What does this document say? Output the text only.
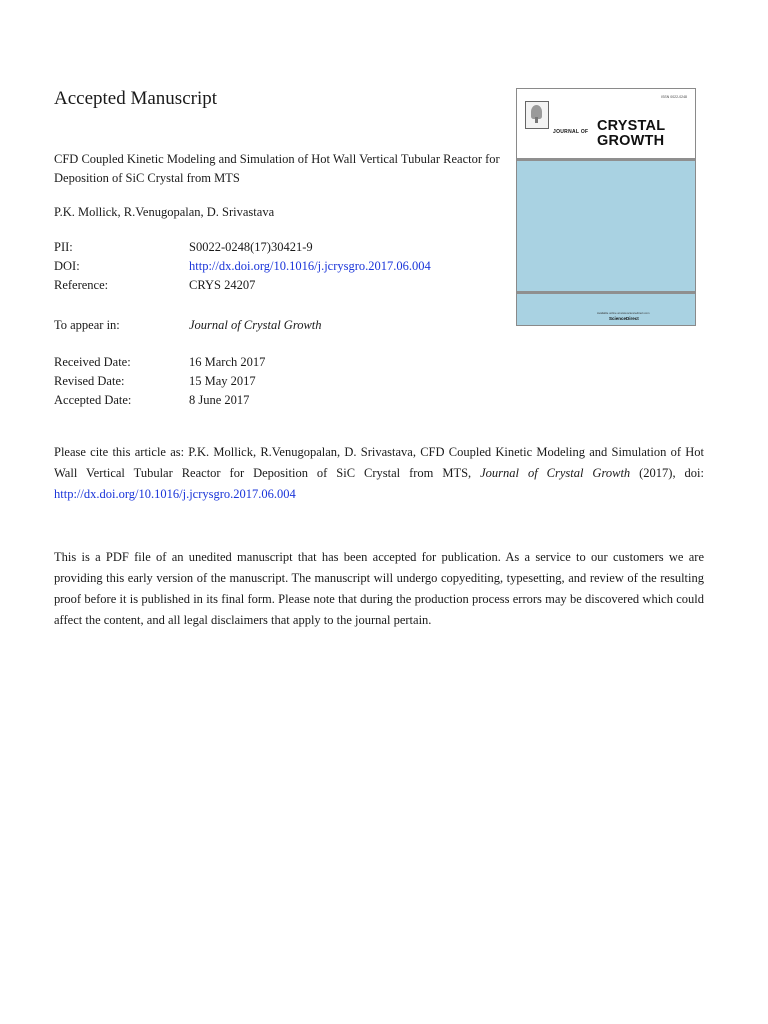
Accepted Manuscript
CFD Coupled Kinetic Modeling and Simulation of Hot Wall Vertical Tubular Reactor for Deposition of SiC Crystal from MTS
P.K. Mollick, R.Venugopalan, D. Srivastava
PII:	S0022-0248(17)30421-9
DOI:	http://dx.doi.org/10.1016/j.jcrysgro.2017.06.004
Reference:	CRYS 24207
To appear in:	Journal of Crystal Growth
Received Date:	16 March 2017
Revised Date:	15 May 2017
Accepted Date:	8 June 2017

Please cite this article as: P.K. Mollick, R.Venugopalan, D. Srivastava, CFD Coupled Kinetic Modeling and Simulation of Hot Wall Vertical Tubular Reactor for Deposition of SiC Crystal from MTS, Journal of Crystal Growth (2017), doi: http://dx.doi.org/10.1016/j.jcrysgro.2017.06.004

This is a PDF file of an unedited manuscript that has been accepted for publication. As a service to our customers we are providing this early version of the manuscript. The manuscript will undergo copyediting, typesetting, and review of the resulting proof before it is published in its final form. Please note that during the production process errors may be discovered which could affect the content, and all legal disclaimers that apply to the journal pertain.

ISSN 0022-0248
JOURNAL OF CRYSTAL
GROWTH
Available online at www.sciencedirect.com
ScienceDirect
